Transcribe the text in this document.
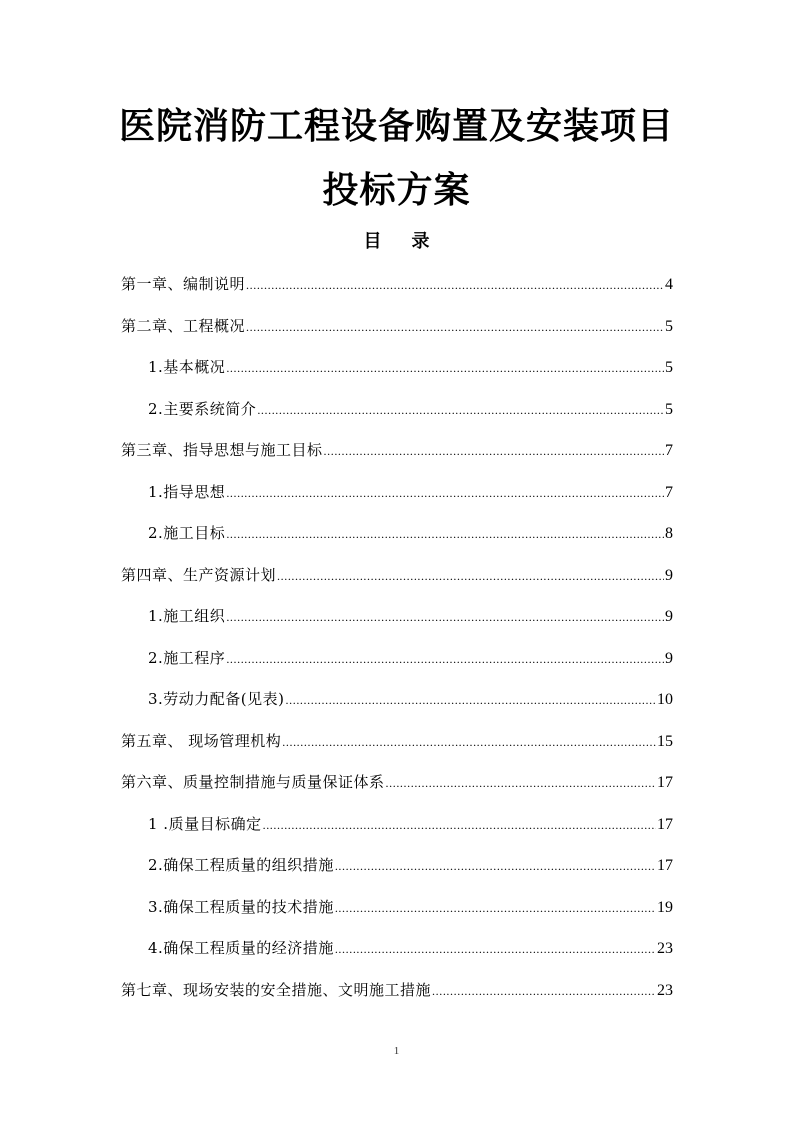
医院消防工程设备购置及安装项目
投标方案
目 录
第一章、编制说明 .....	4
第二章、工程概况 .....	5
1.基本概况 .....	5
2.主要系统简介 .....	5
第三章、指导思想与施工目标 .....	7
1.指导思想 .....	7
2.施工目标 .....	8
第四章、生产资源计划 .....	9
1.施工组织 .....	9
2.施工程序 .....	9
3.劳动力配备(见表) .....	10
第五章、 现场管理机构 .....	15
第六章、质量控制措施与质量保证体系 .....	17
1 .质量目标确定 .....	17
2.确保工程质量的组织措施 .....	17
3.确保工程质量的技术措施 .....	19
4.确保工程质量的经济措施 .....	23
第七章、现场安装的安全措施、文明施工措施 .....	23
1
